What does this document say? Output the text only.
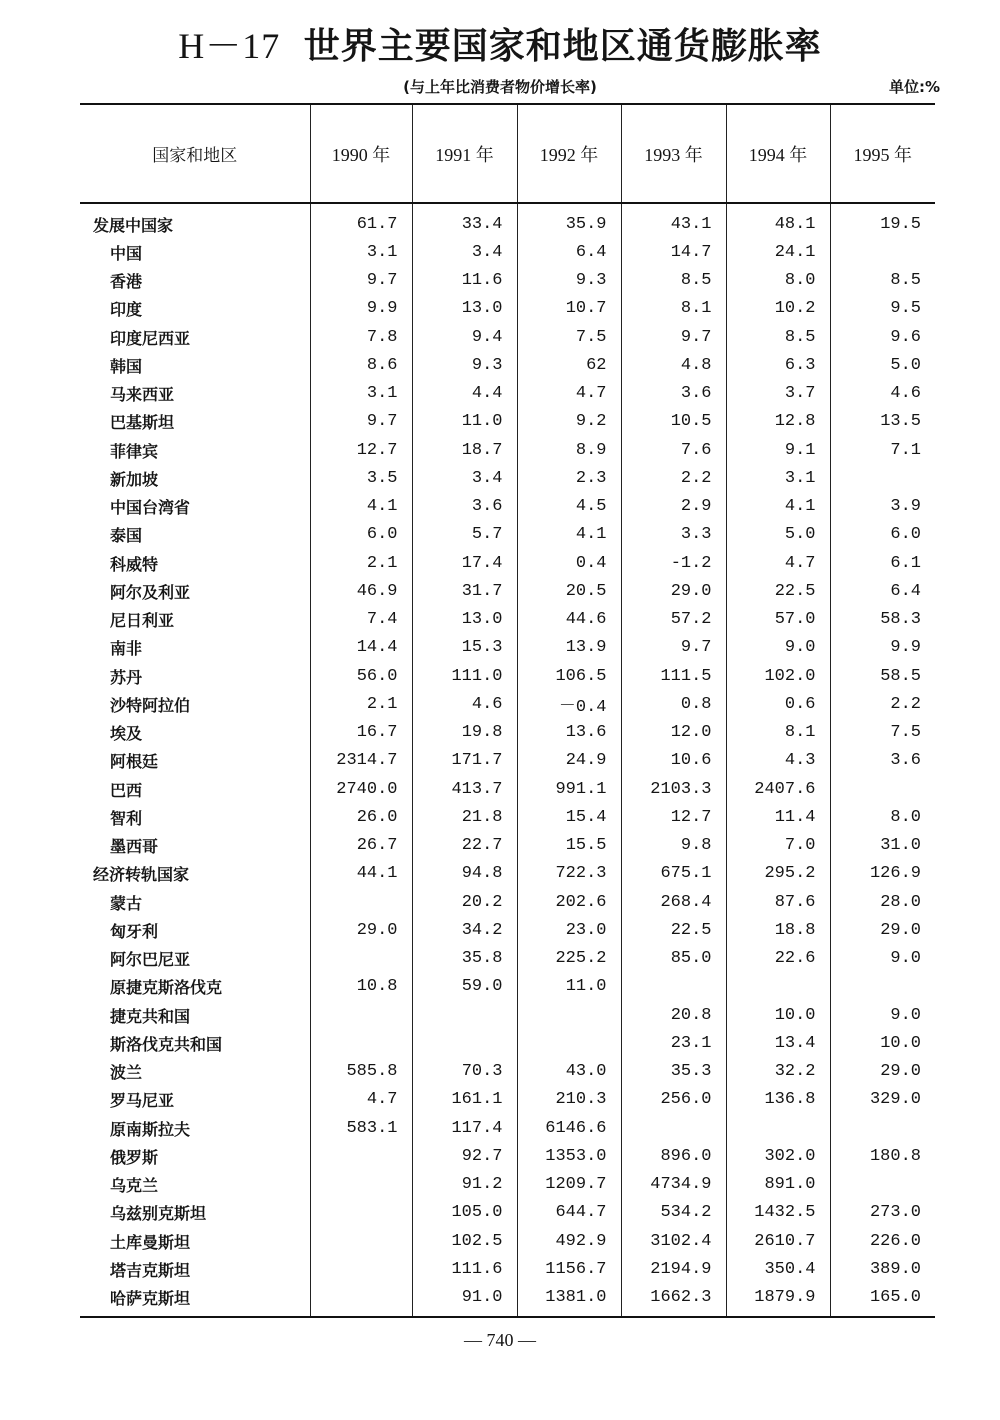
H－17 世界主要国家和地区通货膨胀率
(与上年比消费者物价增长率)	单位:%
国家和地区	1990 年	1991 年	1992 年	1993 年	1994 年	1995 年
发展中国家	61.7	33.4	35.9	43.1	48.1	19.5
中国	3.1	3.4	6.4	14.7	24.1	
香港	9.7	11.6	9.3	8.5	8.0	8.5
印度	9.9	13.0	10.7	8.1	10.2	9.5
印度尼西亚	7.8	9.4	7.5	9.7	8.5	9.6
韩国	8.6	9.3	62	4.8	6.3	5.0
马来西亚	3.1	4.4	4.7	3.6	3.7	4.6
巴基斯坦	9.7	11.0	9.2	10.5	12.8	13.5
菲律宾	12.7	18.7	8.9	7.6	9.1	7.1
新加坡	3.5	3.4	2.3	2.2	3.1	
中国台湾省	4.1	3.6	4.5	2.9	4.1	3.9
泰国	6.0	5.7	4.1	3.3	5.0	6.0
科威特	2.1	17.4	0.4	-1.2	4.7	6.1
阿尔及利亚	46.9	31.7	20.5	29.0	22.5	6.4
尼日利亚	7.4	13.0	44.6	57.2	57.0	58.3
南非	14.4	15.3	13.9	9.7	9.0	9.9
苏丹	56.0	111.0	106.5	111.5	102.0	58.5
沙特阿拉伯	2.1	4.6	－0.4	0.8	0.6	2.2
埃及	16.7	19.8	13.6	12.0	8.1	7.5
阿根廷	2314.7	171.7	24.9	10.6	4.3	3.6
巴西	2740.0	413.7	991.1	2103.3	2407.6	
智利	26.0	21.8	15.4	12.7	11.4	8.0
墨西哥	26.7	22.7	15.5	9.8	7.0	31.0
经济转轨国家	44.1	94.8	722.3	675.1	295.2	126.9
蒙古		20.2	202.6	268.4	87.6	28.0
匈牙利	29.0	34.2	23.0	22.5	18.8	29.0
阿尔巴尼亚		35.8	225.2	85.0	22.6	9.0
原捷克斯洛伐克	10.8	59.0	11.0			
捷克共和国				20.8	10.0	9.0
斯洛伐克共和国				23.1	13.4	10.0
波兰	585.8	70.3	43.0	35.3	32.2	29.0
罗马尼亚	4.7	161.1	210.3	256.0	136.8	329.0
原南斯拉夫	583.1	117.4	6146.6			
俄罗斯		92.7	1353.0	896.0	302.0	180.8
乌克兰		91.2	1209.7	4734.9	891.0	
乌兹别克斯坦		105.0	644.7	534.2	1432.5	273.0
土库曼斯坦		102.5	492.9	3102.4	2610.7	226.0
塔吉克斯坦		111.6	1156.7	2194.9	350.4	389.0
哈萨克斯坦		91.0	1381.0	1662.3	1879.9	165.0
— 740 —
